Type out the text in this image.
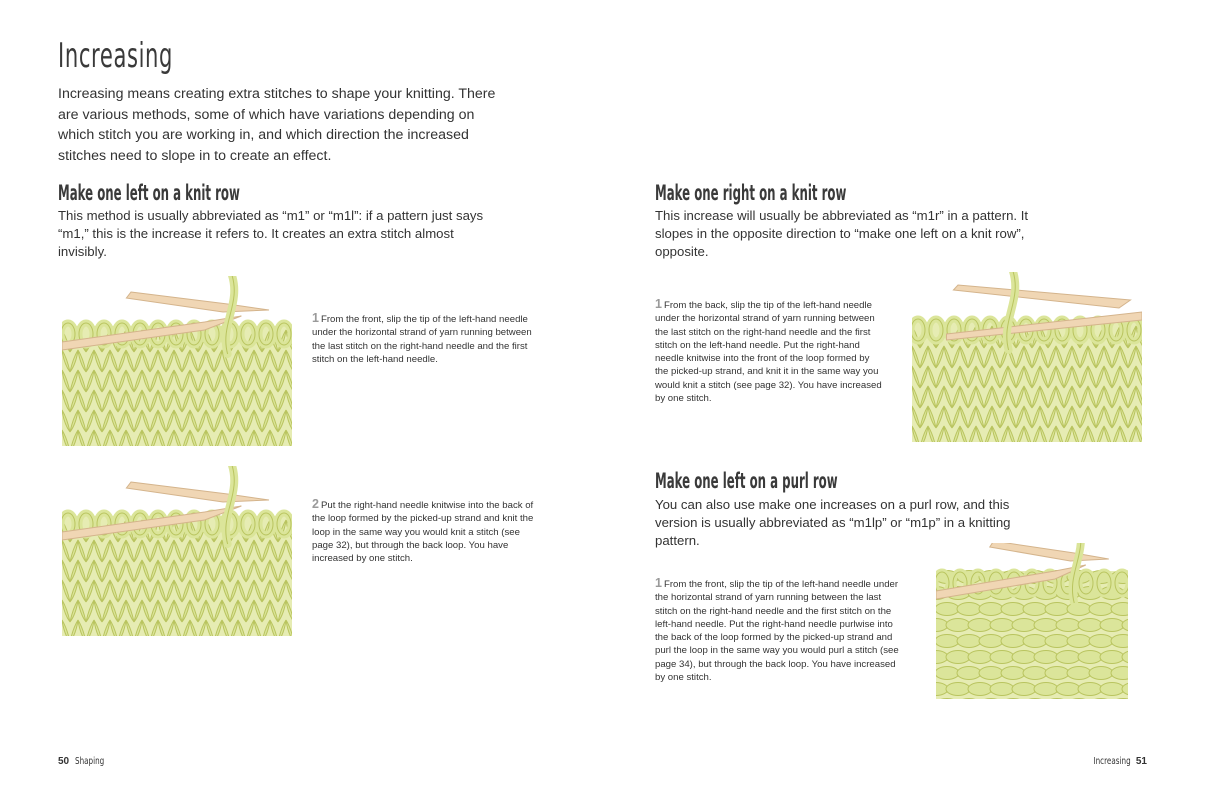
Increasing

Increasing means creating extra stitches to shape your knitting. There are various methods, some of which have variations depending on which stitch you are working in, and which direction the increased stitches need to slope in to create an effect.

Make one left on a knit row

This method is usually abbreviated as “m1” or “m1l”: if a pattern just says “m1,” this is the increase it refers to. It creates an extra stitch almost invisibly.

1 From the front, slip the tip of the left-hand needle under the horizontal strand of yarn running between the last stitch on the right-hand needle and the first stitch on the left-hand needle.

2 Put the right-hand needle knitwise into the back of the loop formed by the picked-up strand and knit the loop in the same way you would knit a stitch (see page 32), but through the back loop. You have increased by one stitch.

50 Shaping
Make one right on a knit row

This increase will usually be abbreviated as “m1r” in a pattern. It slopes in the opposite direction to “make one left on a knit row”, opposite.

1 From the back, slip the tip of the left-hand needle under the horizontal strand of yarn running between the last stitch on the right-hand needle and the first stitch on the left-hand needle. Put the right-hand needle knitwise into the front of the loop formed by the picked-up strand, and knit it in the same way you would knit a stitch (see page 32). You have increased by one stitch.

Make one left on a purl row

You can also use make one increases on a purl row, and this version is usually abbreviated as “m1lp” or “m1p” in a knitting pattern.

1 From the front, slip the tip of the left-hand needle under the horizontal strand of yarn running between the last stitch on the right-hand needle and the first stitch on the left-hand needle. Put the right-hand needle purlwise into the back of the loop formed by the picked-up strand and purl the loop in the same way you would purl a stitch (see page 34), but through the back loop. You have increased by one stitch.

Increasing 51
